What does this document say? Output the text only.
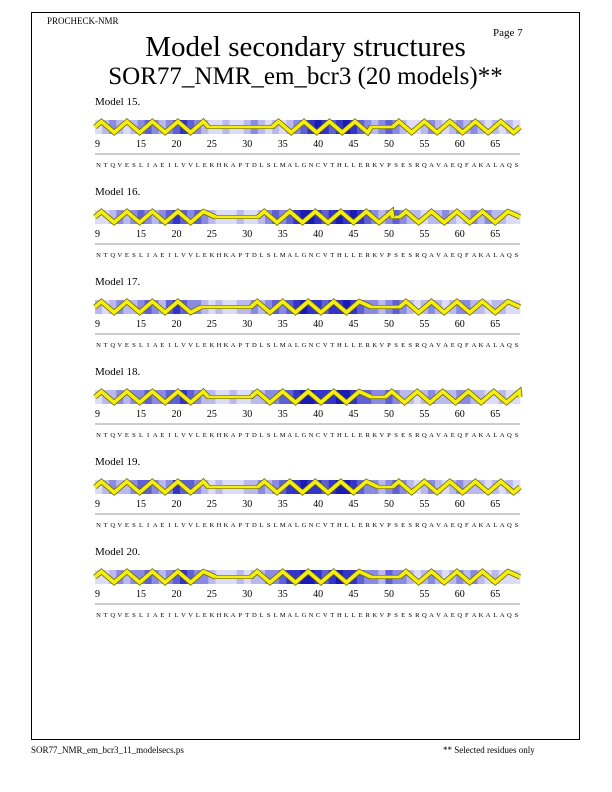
PROCHECK-NMR
Page 7
Model secondary structures
SOR77_NMR_em_bcr3 (20 models)**
Model 15.
9	15	20	25	30	35	40	45	50	55	60	65
N T Q V E S L I A E I L V V L E K H K A P T D L S L M A L G N C V T H L L E R K V P S E S R Q A V A E Q F A K A L A Q S
Model 16.
9	15	20	25	30	35	40	45	50	55	60	65
N T Q V E S L I A E I L V V L E K H K A P T D L S L M A L G N C V T H L L E R K V P S E S R Q A V A E Q F A K A L A Q S
Model 17.
9	15	20	25	30	35	40	45	50	55	60	65
N T Q V E S L I A E I L V V L E K H K A P T D L S L M A L G N C V T H L L E R K V P S E S R Q A V A E Q F A K A L A Q S
Model 18.
9	15	20	25	30	35	40	45	50	55	60	65
N T Q V E S L I A E I L V V L E K H K A P T D L S L M A L G N C V T H L L E R K V P S E S R Q A V A E Q F A K A L A Q S
Model 19.
9	15	20	25	30	35	40	45	50	55	60	65
N T Q V E S L I A E I L V V L E K H K A P T D L S L M A L G N C V T H L L E R K V P S E S R Q A V A E Q F A K A L A Q S
Model 20.
9	15	20	25	30	35	40	45	50	55	60	65
N T Q V E S L I A E I L V V L E K H K A P T D L S L M A L G N C V T H L L E R K V P S E S R Q A V A E Q F A K A L A Q S
SOR77_NMR_em_bcr3_11_modelsecs.ps	** Selected residues only
